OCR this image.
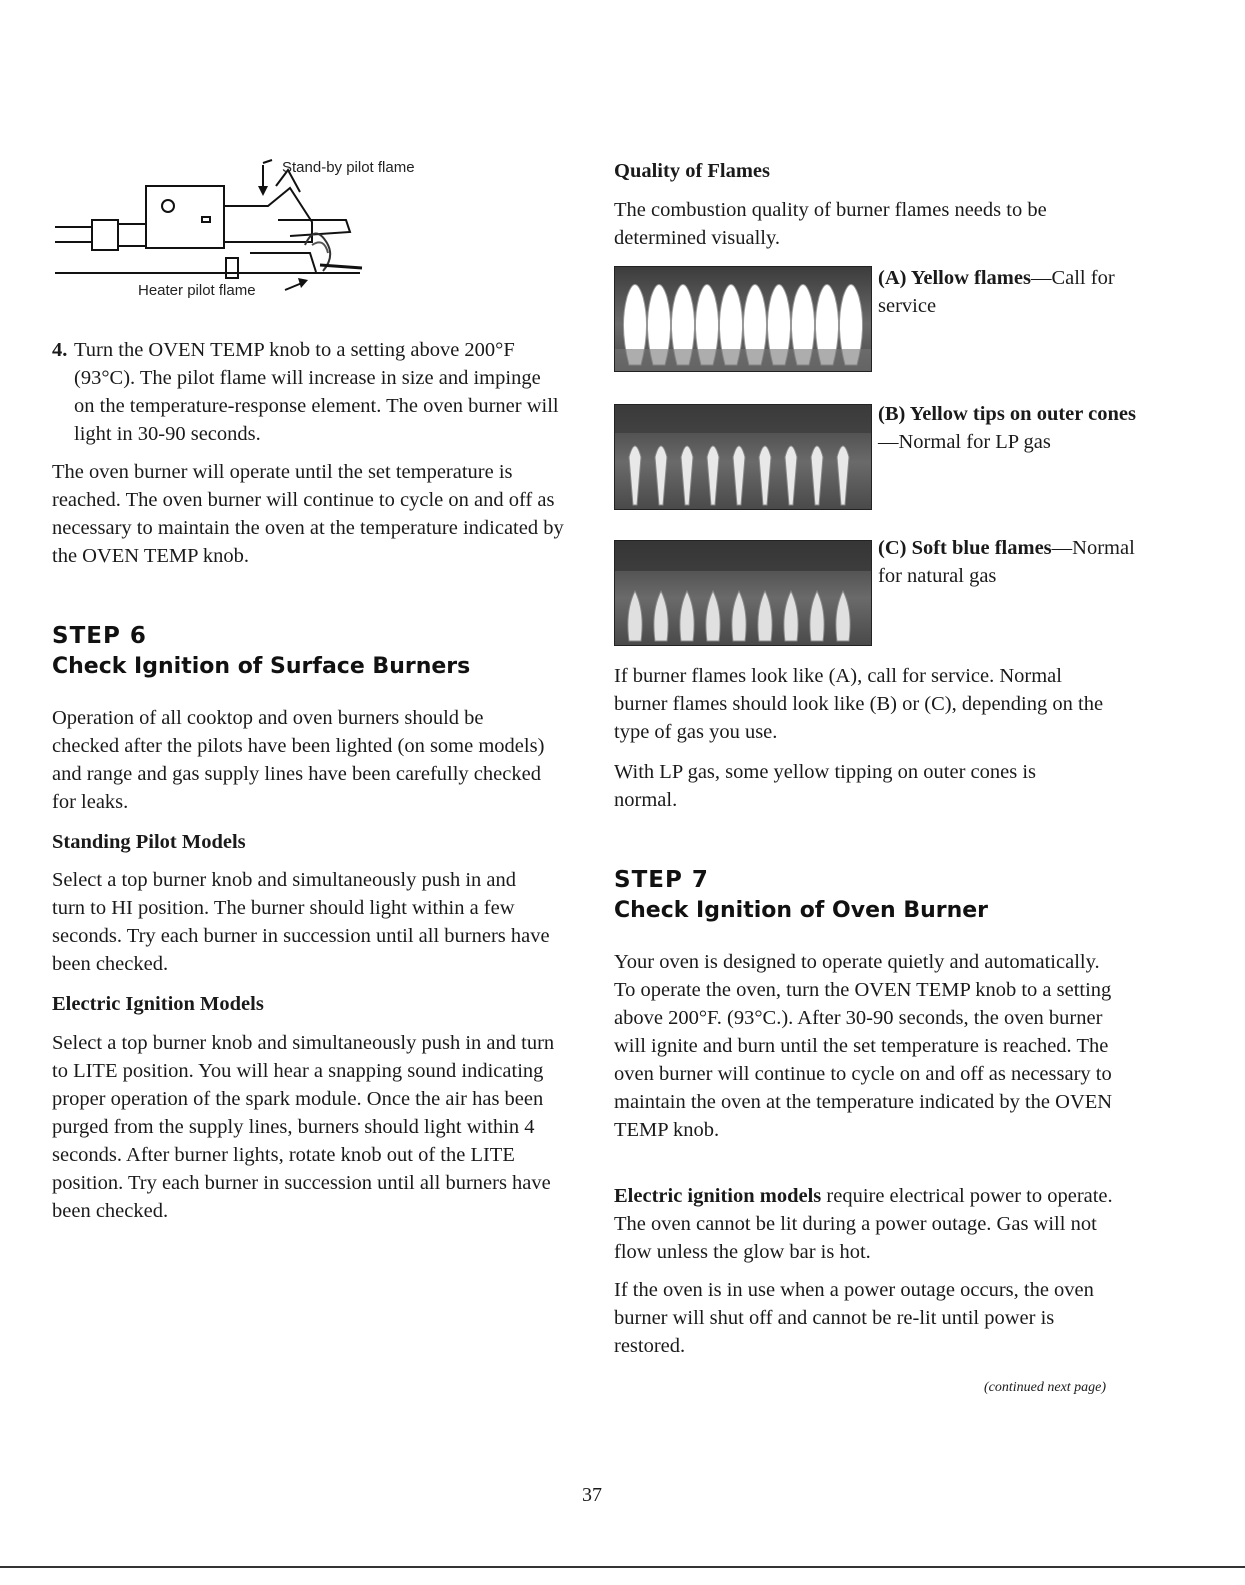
Stand-by pilot flame
Heater pilot flame
4. Turn the OVEN TEMP knob to a setting above 200°F (93°C). The pilot flame will increase in size and impinge on the temperature-response element. The oven burner will light in 30-90 seconds.

The oven burner will operate until the set temperature is reached. The oven burner will continue to cycle on and off as necessary to maintain the oven at the temperature indicated by the OVEN TEMP knob.

STEP 6
Check Ignition of Surface Burners

Operation of all cooktop and oven burners should be checked after the pilots have been lighted (on some models) and range and gas supply lines have been carefully checked for leaks.

Standing Pilot Models

Select a top burner knob and simultaneously push in and turn to HI position. The burner should light within a few seconds. Try each burner in succession until all burners have been checked.

Electric Ignition Models

Select a top burner knob and simultaneously push in and turn to LITE position. You will hear a snapping sound indicating proper operation of the spark module. Once the air has been purged from the supply lines, burners should light within 4 seconds. After burner lights, rotate knob out of the LITE position. Try each burner in succession until all burners have been checked.

Quality of Flames

The combustion quality of burner flames needs to be determined visually.

If burner flames look like (A), call for service. Normal burner flames should look like (B) or (C), depending on the type of gas you use.

With LP gas, some yellow tipping on outer cones is normal.

STEP 7
Check Ignition of Oven Burner

Your oven is designed to operate quietly and automatically. To operate the oven, turn the OVEN TEMP knob to a setting above 200°F. (93°C.). After 30-90 seconds, the oven burner will ignite and burn until the set temperature is reached. The oven burner will continue to cycle on and off as necessary to maintain the oven at the temperature indicated by the OVEN TEMP knob.

Electric ignition models require electrical power to operate. The oven cannot be lit during a power outage. Gas will not flow unless the glow bar is hot.

If the oven is in use when a power outage occurs, the oven burner will shut off and cannot be re-lit until power is restored.

(A) Yellow flames—Call for service
(B) Yellow tips on outer cones—Normal for LP gas
(C) Soft blue flames—Normal for natural gas
(continued next page)
37
